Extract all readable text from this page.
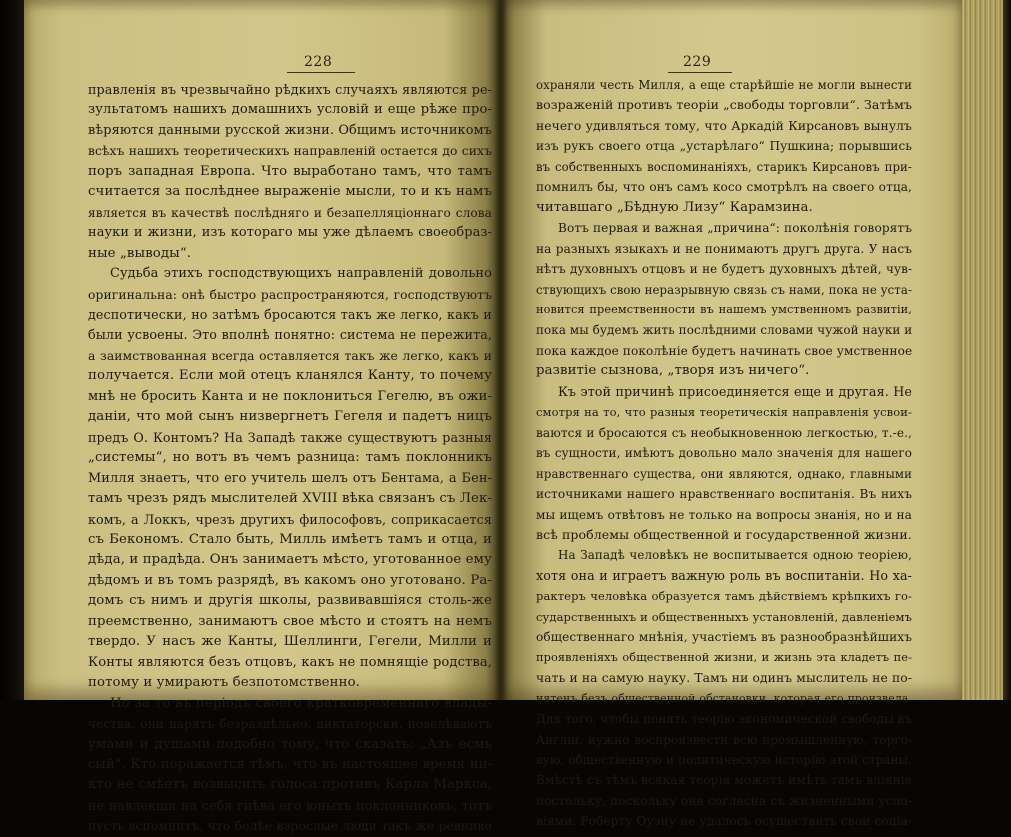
228
правленія въ чрезвычайно рѣдкихъ случаяхъ являются ре-
зультатомъ нашихъ домашнихъ условій и еще рѣже про-
вѣряются данными русской жизни. Общимъ источникомъ
всѣхъ нашихъ теоретическихъ направленій остается до сихъ
поръ западная Европа. Что выработано тамъ, что тамъ
считается за послѣднее выраженіе мысли, то и къ намъ
является въ качествѣ послѣдняго и безапелляціоннаго слова
науки и жизни, изъ котораго мы уже дѣлаемъ своеобраз-
ные „выводы“.
Судьба этихъ господствующихъ направленій довольно
оригинальна: онѣ быстро распространяются, господствуютъ
деспотически, но затѣмъ бросаются такъ же легко, какъ и
были усвоены. Это вполнѣ понятно: система не пережита,
а заимствованная всегда оставляется такъ же легко, какъ и
получается. Если мой отецъ кланялся Канту, то почему
мнѣ не бросить Канта и не поклониться Гегелю, въ ожи-
даніи, что мой сынъ низвергнетъ Гегеля и падетъ ницъ
предъ О. Контомъ? На Западѣ также существуютъ разныя
„системы“, но вотъ въ чемъ разница: тамъ поклонникъ
Милля знаетъ, что его учитель шелъ отъ Бентама, а Бен-
тамъ чрезъ рядъ мыслителей XVIII вѣка связанъ съ Лек-
комъ, а Локкъ, чрезъ другихъ философовъ, соприкасается
съ Бекономъ. Стало быть, Милль имѣетъ тамъ и отца, и
дѣда, и прадѣда. Онъ занимаетъ мѣсто, уготованное ему
дѣдомъ и въ томъ разрядѣ, въ какомъ оно уготовано. Ра-
домъ съ нимъ и другія школы, развивавшіяся столь-же
преемственно, занимаютъ свое мѣсто и стоятъ на немъ
твердо. У насъ же Канты, Шеллинги, Гегели, Милли и
Конты являются безъ отцовъ, какъ не помнящіе родства,
потому и умираютъ безпотомственно.
Но за то въ періодъ своего кратковременнаго влады-
чества, они царятъ безраздѣльно, диктаторски, повелѣваютъ
умами и душами подобно тому, что сказать: „Азъ есмь
сый“. Кто поражается тѣмъ, что въ настоящее время ни-
кто не смѣетъ возвысить голоса противъ Карла Маркса,
не навлекши на себя гнѣва его юныхъ поклонниковъ, тотъ
пусть вспомнитъ, что болѣе взрослые люди такъ же ревниво
229
охраняли честь Милля, а еще старѣйшіе не могли вынести
возраженій противъ теоріи „свободы торговли“. Затѣмъ
нечего удивляться тому, что Аркадій Кирсановъ вынулъ
изъ рукъ своего отца „устарѣлаго“ Пушкина; порывшись
въ собственныхъ воспоминаніяхъ, старикъ Кирсановъ при-
помнилъ бы, что онъ самъ косо смотрѣлъ на своего отца,
читавшаго „Бѣдную Лизу“ Карамзина.
Вотъ первая и важная „причина“: поколѣнія говорятъ
на разныхъ языкахъ и не понимаютъ другъ друга. У насъ
нѣтъ духовныхъ отцовъ и не будетъ духовныхъ дѣтей, чув-
ствующихъ свою неразрывную связь съ нами, пока не уста-
новится преемственности въ нашемъ умственномъ развитіи,
пока мы будемъ жить послѣдними словами чужой науки и
пока каждое поколѣніе будетъ начинать свое умственное
развитіе сызнова, „творя изъ ничего“.
Къ этой причинѣ присоединяется еще и другая. Не
смотря на то, что разныя теоретическія направленія усвои-
ваются и бросаются съ необыкновенною легкостью, т.-е.,
въ сущности, имѣютъ довольно мало значенія для нашего
нравственнаго существа, они являются, однако, главными
источниками нашего нравственнаго воспитанія. Въ нихъ
мы ищемъ отвѣтовъ не только на вопросы знанія, но и на
всѣ проблемы общественной и государственной жизни.
На Западѣ человѣкъ не воспитывается одною теоріею,
хотя она и играетъ важную роль въ воспитаніи. Но ха-
рактеръ человѣка образуется тамъ дѣйствіемъ крѣпкихъ го-
сударственныхъ и общественныхъ установленій, давленіемъ
общественнаго мнѣнія, участіемъ въ разнообразнѣйшихъ
проявленіяхъ общественной жизни, и жизнь эта кладетъ пе-
чать и на самую науку. Тамъ ни одинъ мыслитель не по-
нятенъ безъ общественной обстановки, которая его произвела.
Для того, чтобы понять теорію экономической свободы въ
Англіи, нужно воспроизвести всю промышленную, торго-
вую, общественную и политическую исторію этой страны.
Вмѣстѣ съ тѣмъ всякая теорія можетъ имѣть тамъ вліяніе
постольку, поскольку она согласна съ жизненными усло-
віями. Роберту Оуэну не удалось осуществить свои соціа-
